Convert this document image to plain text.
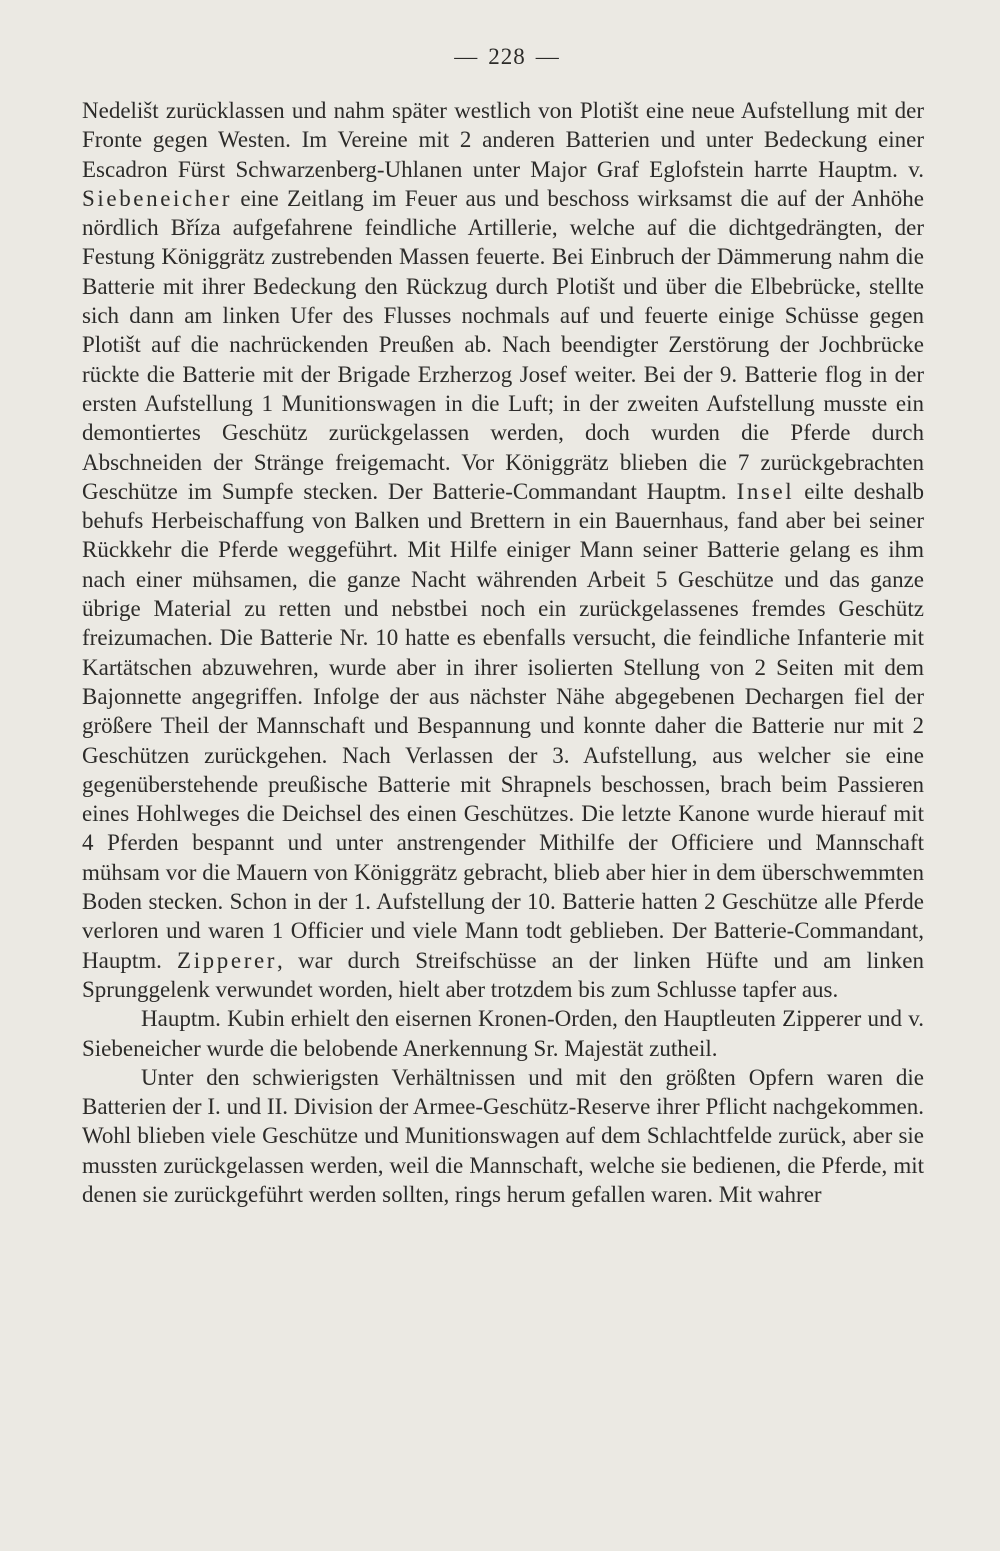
— 228 —

Nedelišt zurücklassen und nahm später westlich von Plotišt eine neue Aufstellung mit der Fronte gegen Westen. Im Vereine mit 2 anderen Batterien und unter Bedeckung einer Escadron Fürst Schwarzenberg-Uhlanen unter Major Graf Eglofstein harrte Hauptm. v. Siebeneicher eine Zeitlang im Feuer aus und beschoss wirksamst die auf der Anhöhe nördlich Bříza aufgefahrene feindliche Artillerie, welche auf die dichtgedrängten, der Festung Königgrätz zustrebenden Massen feuerte. Bei Einbruch der Dämmerung nahm die Batterie mit ihrer Bedeckung den Rückzug durch Plotišt und über die Elbebrücke, stellte sich dann am linken Ufer des Flusses nochmals auf und feuerte einige Schüsse gegen Plotišt auf die nachrückenden Preußen ab. Nach beendigter Zerstörung der Jochbrücke rückte die Batterie mit der Brigade Erzherzog Josef weiter. Bei der 9. Batterie flog in der ersten Aufstellung 1 Munitionswagen in die Luft; in der zweiten Aufstellung musste ein demontiertes Geschütz zurückgelassen werden, doch wurden die Pferde durch Abschneiden der Stränge freigemacht. Vor Königgrätz blieben die 7 zurückgebrachten Geschütze im Sumpfe stecken. Der Batterie-Commandant Hauptm. Insel eilte deshalb behufs Herbeischaffung von Balken und Brettern in ein Bauernhaus, fand aber bei seiner Rückkehr die Pferde weggeführt. Mit Hilfe einiger Mann seiner Batterie gelang es ihm nach einer mühsamen, die ganze Nacht währenden Arbeit 5 Geschütze und das ganze übrige Material zu retten und nebstbei noch ein zurückgelassenes fremdes Geschütz freizumachen. Die Batterie Nr. 10 hatte es ebenfalls versucht, die feindliche Infanterie mit Kartätschen abzuwehren, wurde aber in ihrer isolierten Stellung von 2 Seiten mit dem Bajonnette angegriffen. Infolge der aus nächster Nähe abgegebenen Dechargen fiel der größere Theil der Mannschaft und Bespannung und konnte daher die Batterie nur mit 2 Geschützen zurückgehen. Nach Verlassen der 3. Aufstellung, aus welcher sie eine gegenüberstehende preußische Batterie mit Shrapnels beschossen, brach beim Passieren eines Hohlweges die Deichsel des einen Geschützes. Die letzte Kanone wurde hierauf mit 4 Pferden bespannt und unter anstrengender Mithilfe der Officiere und Mannschaft mühsam vor die Mauern von Königgrätz gebracht, blieb aber hier in dem überschwemmten Boden stecken. Schon in der 1. Aufstellung der 10. Batterie hatten 2 Geschütze alle Pferde verloren und waren 1 Officier und viele Mann todt geblieben. Der Batterie-Commandant, Hauptm. Zipperer, war durch Streifschüsse an der linken Hüfte und am linken Sprunggelenk verwundet worden, hielt aber trotzdem bis zum Schlusse tapfer aus.

Hauptm. Kubin erhielt den eisernen Kronen-Orden, den Hauptleuten Zipperer und v. Siebeneicher wurde die belobende Anerkennung Sr. Majestät zutheil.

Unter den schwierigsten Verhältnissen und mit den größten Opfern waren die Batterien der I. und II. Division der Armee-Geschütz-Reserve ihrer Pflicht nachgekommen. Wohl blieben viele Geschütze und Munitionswagen auf dem Schlachtfelde zurück, aber sie mussten zurückgelassen werden, weil die Mannschaft, welche sie bedienen, die Pferde, mit denen sie zurückgeführt werden sollten, rings herum gefallen waren. Mit wahrer
